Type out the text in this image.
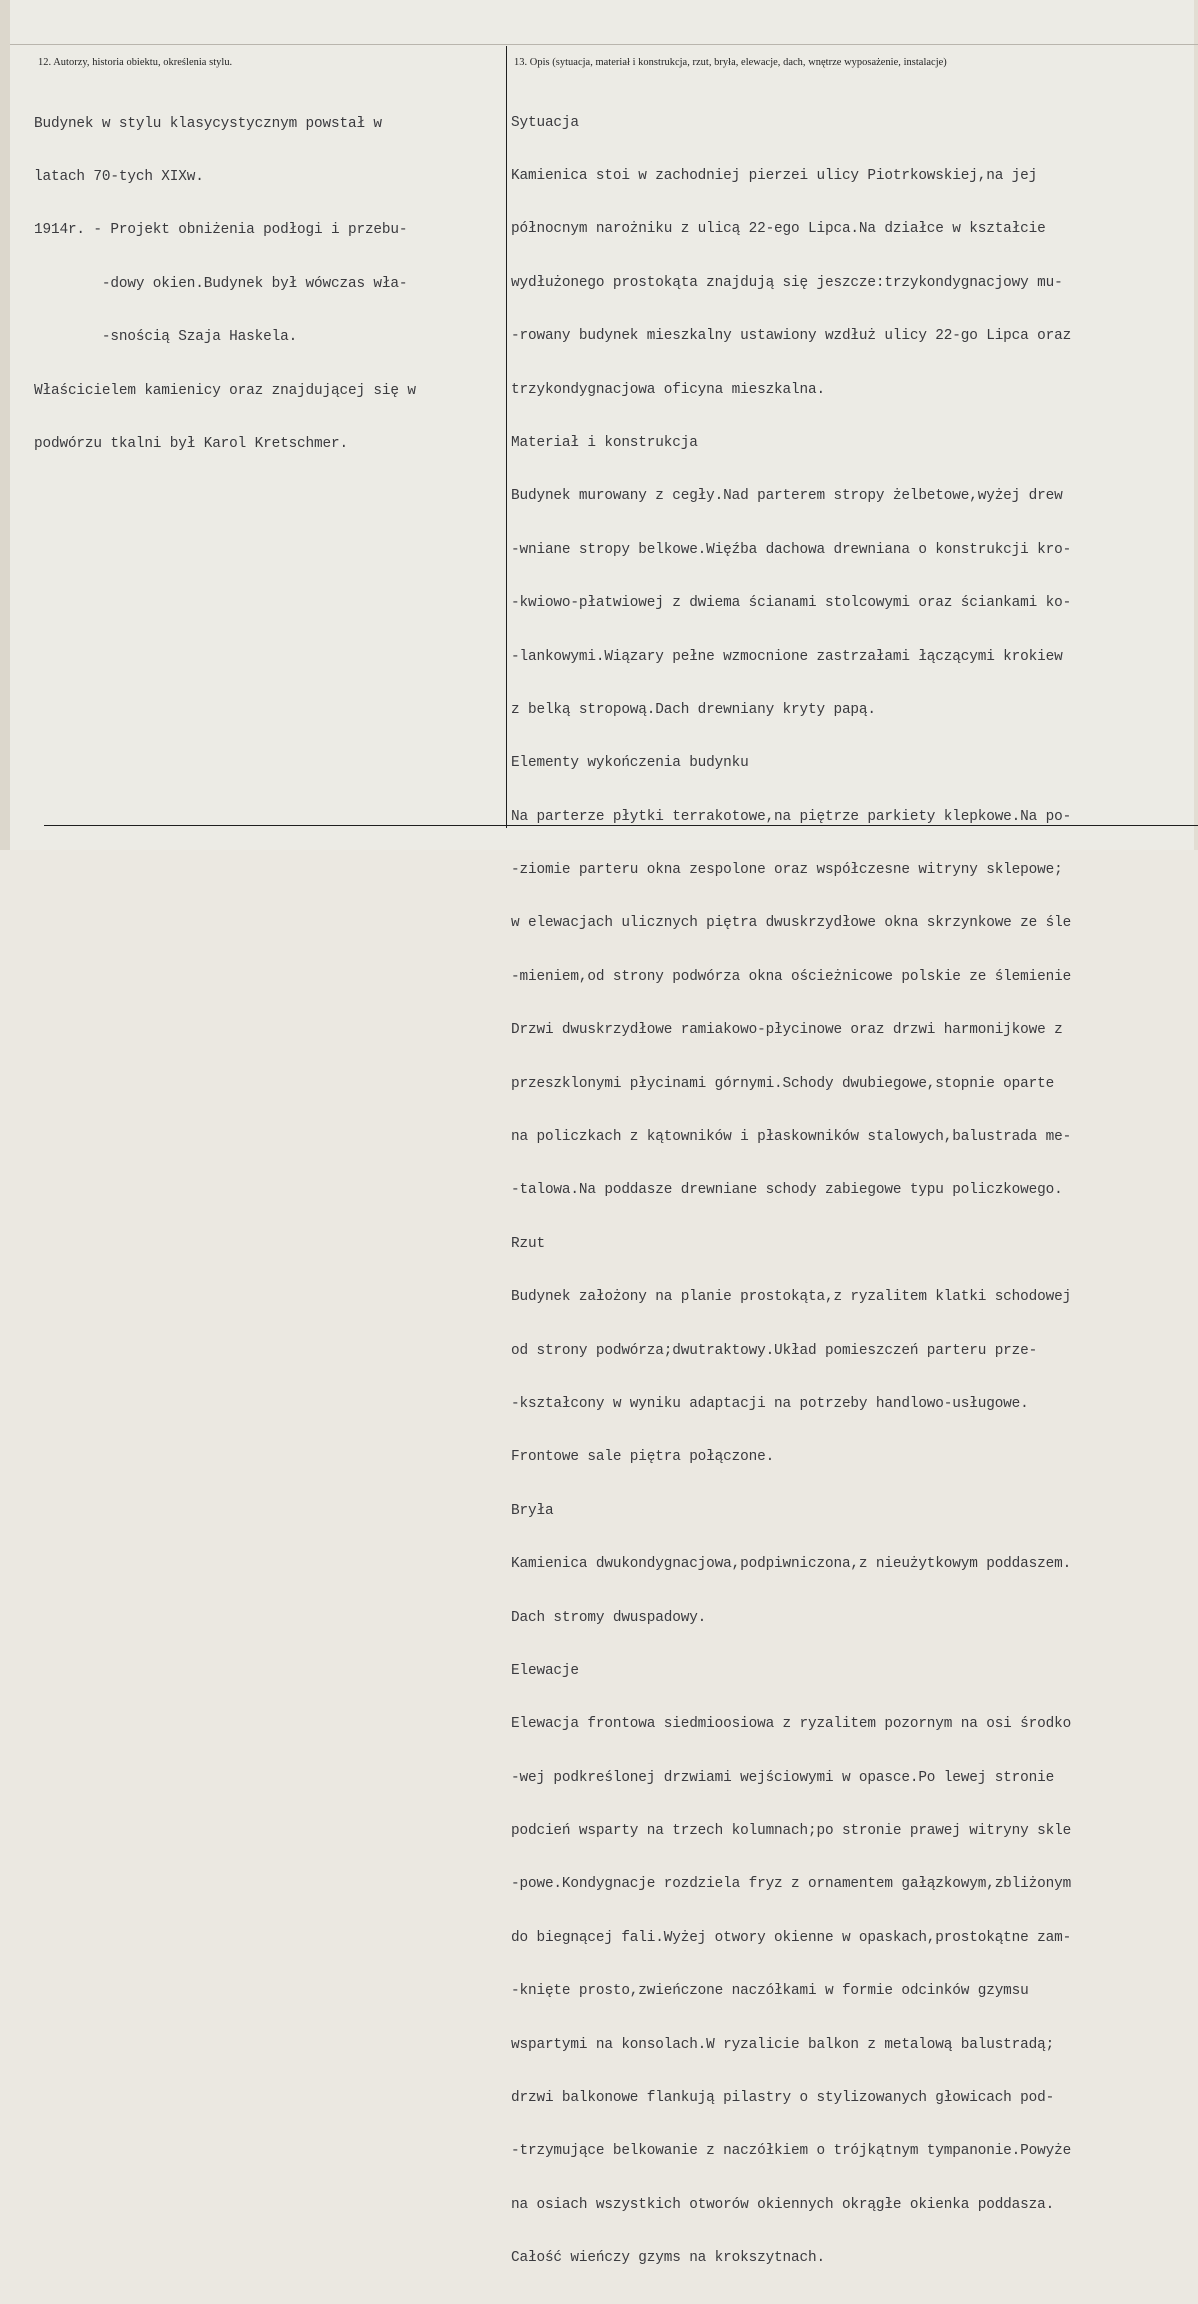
12. Autorzy, historia obiektu, określenia stylu.	13. Opis (sytuacja, materiał i konstrukcja, rzut, bryła, elewacje, dach, wnętrze wyposażenie, instalacje)

Budynek w stylu klasycystycznym powstał w

latach 70-tych XIXw.

1914r. - Projekt obniżenia podłogi i przebu-

-dowy okien.Budynek był wówczas wła-

-snością Szaja Haskela.

Właścicielem kamienicy oraz znajdującej się w

podwórzu tkalni był Karol Kretschmer.

Sytuacja

Kamienica stoi w zachodniej pierzei ulicy Piotrkowskiej,na jej

północnym narożniku z ulicą 22-ego Lipca.Na działce w kształcie

wydłużonego prostokąta znajdują się jeszcze:trzykondygnacjowy mu-

-rowany budynek mieszkalny ustawiony wzdłuż ulicy 22-go Lipca oraz

trzykondygnacjowa oficyna mieszkalna.

Materiał i konstrukcja

Budynek murowany z cegły.Nad parterem stropy żelbetowe,wyżej drew

-wniane stropy belkowe.Więźba dachowa drewniana o konstrukcji kro-

-kwiowo-płatwiowej z dwiema ścianami stolcowymi oraz ściankami ko-

-lankowymi.Wiązary pełne wzmocnione zastrzałami łączącymi krokiew

z belką stropową.Dach drewniany kryty papą.

Elementy wykończenia budynku

Na parterze płytki terrakotowe,na piętrze parkiety klepkowe.Na po-

-ziomie parteru okna zespolone oraz współczesne witryny sklepowe;

w elewacjach ulicznych piętra dwuskrzydłowe okna skrzynkowe ze śle

-mieniem,od strony podwórza okna ościeżnicowe polskie ze ślemienie

Drzwi dwuskrzydłowe ramiakowo-płycinowe oraz drzwi harmonijkowe z

przeszklonymi płycinami górnymi.Schody dwubiegowe,stopnie oparte

na policzkach z kątowników i płaskowników stalowych,balustrada me-

-talowa.Na poddasze drewniane schody zabiegowe typu policzkowego.

Rzut

Budynek założony na planie prostokąta,z ryzalitem klatki schodowej

od strony podwórza;dwutraktowy.Układ pomieszczeń parteru prze-

-kształcony w wyniku adaptacji na potrzeby handlowo-usługowe.

Frontowe sale piętra połączone.

Bryła

Kamienica dwukondygnacjowa,podpiwniczona,z nieużytkowym poddaszem.

Dach stromy dwuspadowy.

Elewacje

Elewacja frontowa siedmioosiowa z ryzalitem pozornym na osi środko

-wej podkreślonej drzwiami wejściowymi w opasce.Po lewej stronie

podcień wsparty na trzech kolumnach;po stronie prawej witryny skle

-powe.Kondygnacje rozdziela fryz z ornamentem gałązkowym,zbliżonym

do biegnącej fali.Wyżej otwory okienne w opaskach,prostokątne zam-

-knięte prosto,zwieńczone naczółkami w formie odcinków gzymsu

wspartymi na konsolach.W ryzalicie balkon z metalową balustradą;

drzwi balkonowe flankują pilastry o stylizowanych głowicach pod-

-trzymujące belkowanie z naczółkiem o trójkątnym tympanonie.Powyże

na osiach wszystkich otworów okiennych okrągłe okienka poddasza.

Całość wieńczy gzyms na krokszytnach.
